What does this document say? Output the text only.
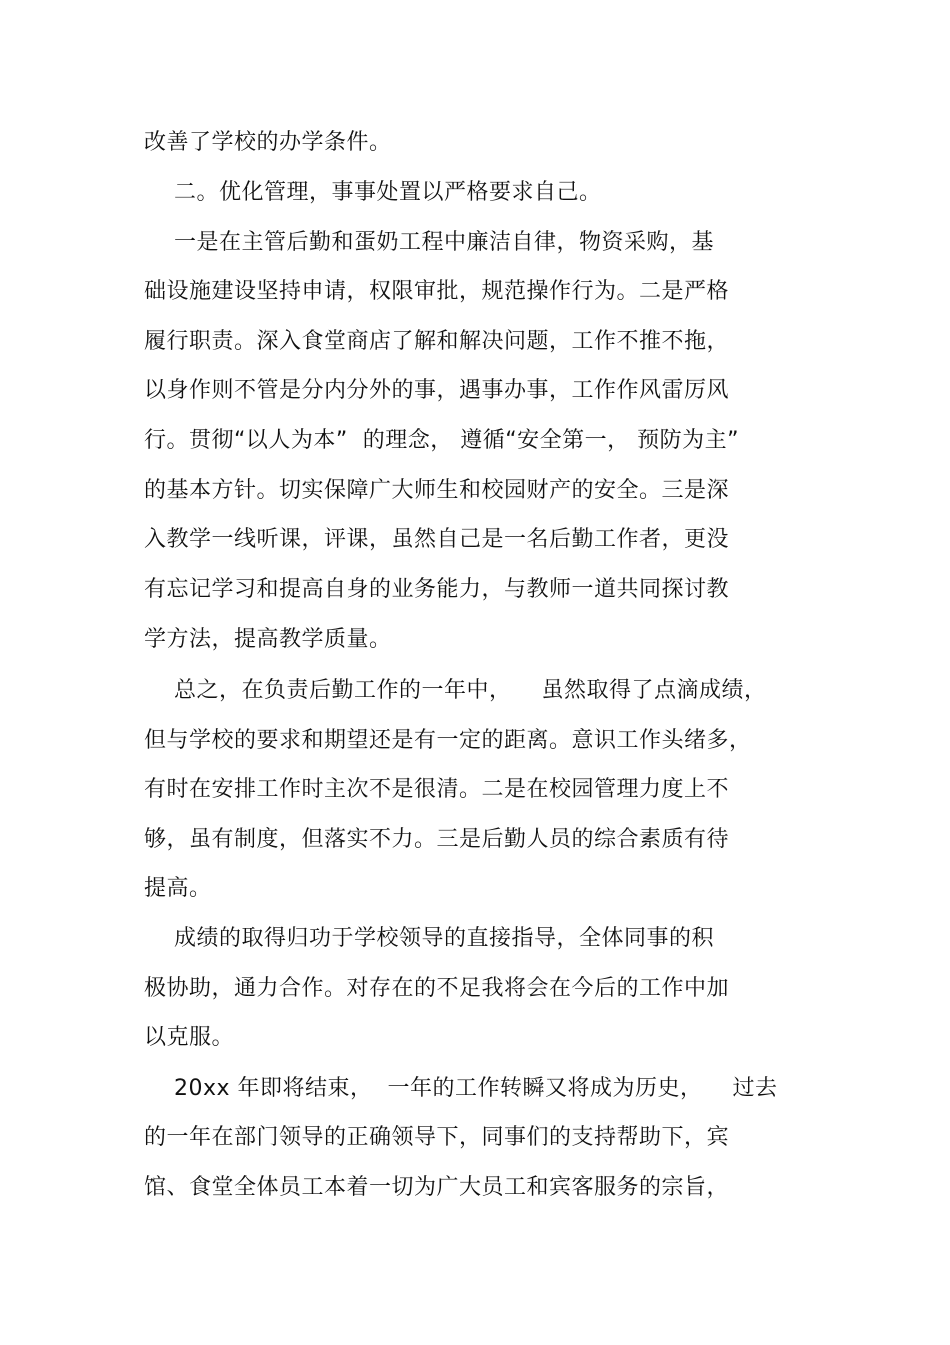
改善了学校的办学条件。
二。优化管理，事事处置以严格要求自己。
一是在主管后勤和蛋奶工程中廉洁自律，物资采购，基
础设施建设坚持申请，权限审批，规范操作行为。二是严格
履行职责。深入食堂商店了解和解决问题，工作不推不拖，
以身作则不管是分内分外的事，遇事办事，工作作风雷厉风
行。贯彻“以人为本”  的理念， 遵循“安全第一， 预防为主”
的基本方针。切实保障广大师生和校园财产的安全。三是深
入教学一线听课，评课，虽然自己是一名后勤工作者，更没
有忘记学习和提高自身的业务能力，与教师一道共同探讨教
学方法，提高教学质量。
总之，在负责后勤工作的一年中，    虽然取得了点滴成绩，
但与学校的要求和期望还是有一定的距离。意识工作头绪多，
有时在安排工作时主次不是很清。二是在校园管理力度上不
够，虽有制度，但落实不力。三是后勤人员的综合素质有待
提高。
成绩的取得归功于学校领导的直接指导，全体同事的积
极协助，通力合作。对存在的不足我将会在今后的工作中加
以克服。
20xx 年即将结束，  一年的工作转瞬又将成为历史，    过去
的一年在部门领导的正确领导下，同事们的支持帮助下，宾
馆、食堂全体员工本着一切为广大员工和宾客服务的宗旨，
